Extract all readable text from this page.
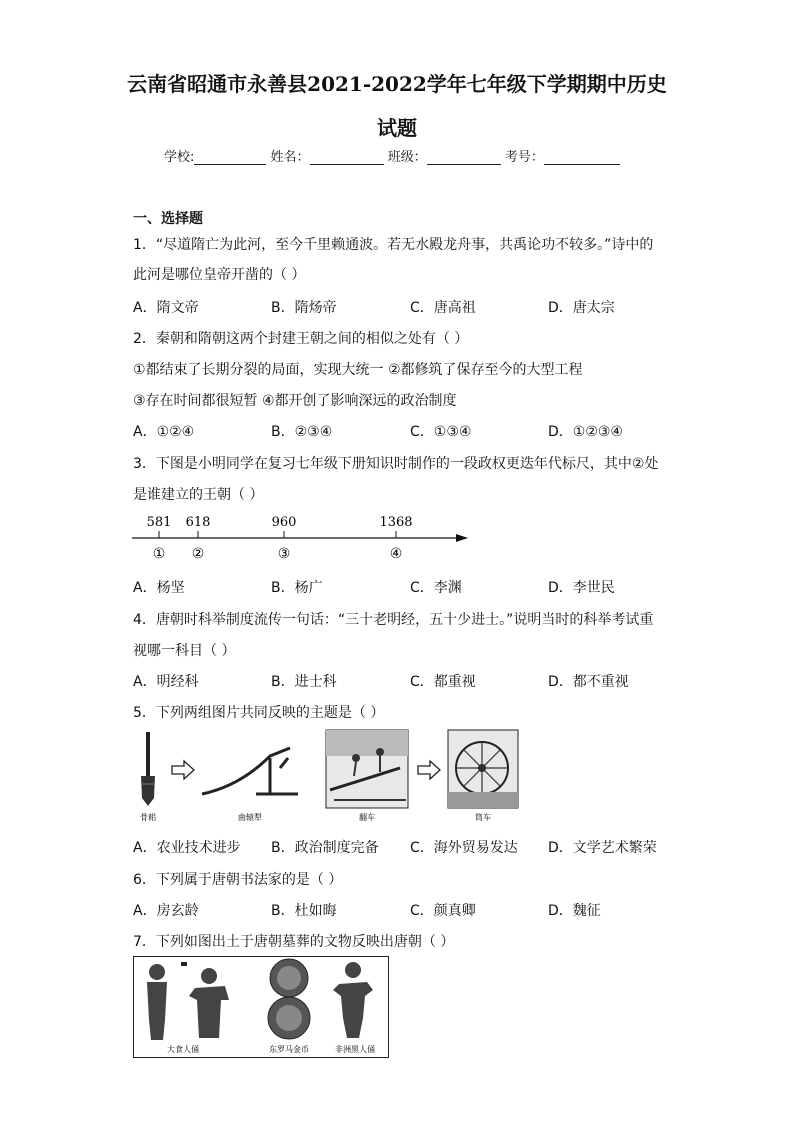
云南省昭通市永善县2021-2022学年七年级下学期期中历史
试题
学校:	姓名：	班级：	考号：
一、选择题
1．“尽道隋亡为此河，至今千里赖通波。若无水殿龙舟事，共禹论功不较多。”诗中的
此河是哪位皇帝开凿的（ ）
A．隋文帝	B．隋炀帝	C．唐高祖	D．唐太宗
2．秦朝和隋朝这两个封建王朝之间的相似之处有（ ）
①都结束了长期分裂的局面，实现大统一 ②都修筑了保存至今的大型工程
③存在时间都很短暂 ④都开创了影响深远的政治制度
A．①②④	B．②③④	C．①③④	D．①②③④
3．下图是小明同学在复习七年级下册知识时制作的一段政权更迭年代标尺，其中②处
是谁建立的王朝（ ）
581 618	960	1368
① ②	③	④
A．杨坚	B．杨广	C．李渊	D．李世民
4．唐朝时科举制度流传一句话：“三十老明经，五十少进士。”说明当时的科举考试重
视哪一科目（ ）
A．明经科	B．进士科	C．都重视	D．都不重视
5．下列两组图片共同反映的主题是（ ）
骨耜	曲辕犁	翻车	筒车
A．农业技术进步 B．政治制度完备 C．海外贸易发达 D．文学艺术繁荣
6．下列属于唐朝书法家的是（ ）
A．房玄龄	B．杜如晦	C．颜真卿	D．魏征
7．下列如图出土于唐朝墓葬的文物反映出唐朝（ ）
大食人俑	东罗马金币	非洲黑人俑
